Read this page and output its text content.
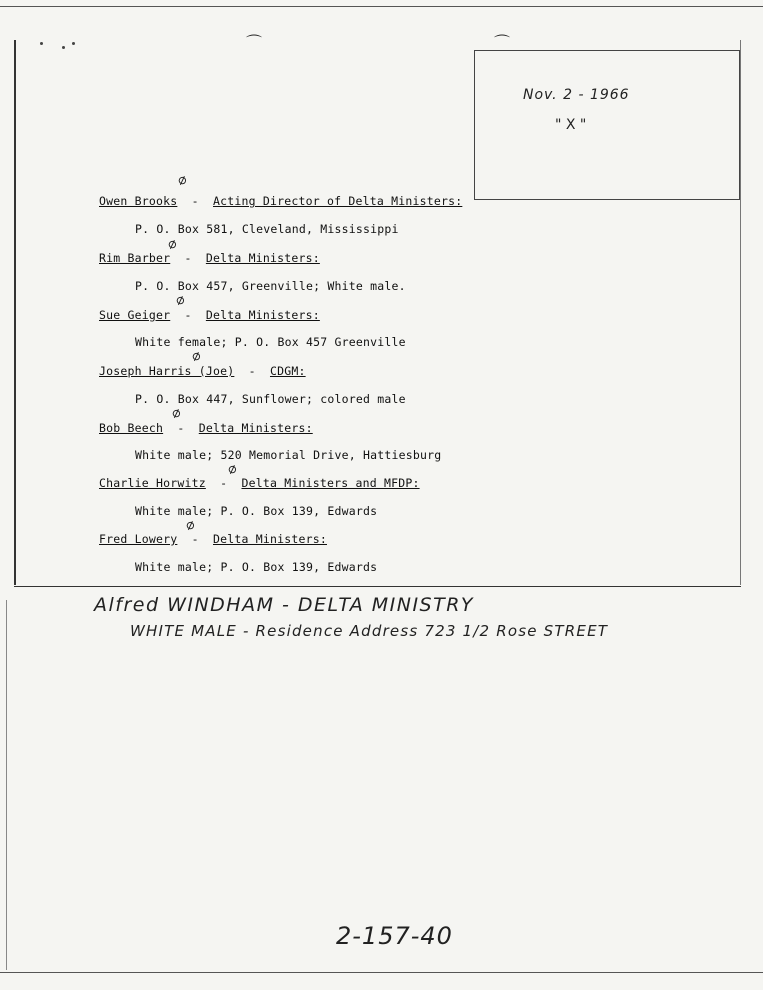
⌒	⌒
Nov. 2 - 1966
" X "
⌀
Owen Brooks  -  Acting Director of Delta Ministers:
P. O. Box 581, Cleveland, Mississippi
⌀
Rim Barber  -  Delta Ministers:
P. O. Box 457, Greenville; White male.
⌀
Sue Geiger  -  Delta Ministers:
White female; P. O. Box 457 Greenville
⌀
Joseph Harris (Joe)  -  CDGM:
P. O. Box 447, Sunflower; colored male
⌀
Bob Beech  -  Delta Ministers:
White male; 520 Memorial Drive, Hattiesburg
⌀
Charlie Horwitz  -  Delta Ministers and MFDP:
White male; P. O. Box 139, Edwards
⌀
Fred Lowery  -  Delta Ministers:
White male; P. O. Box 139, Edwards
Alfred WINDHAM - DELTA MINISTRY
WHITE MALE - Residence Address 723 1/2 Rose STREET
2-157-40
